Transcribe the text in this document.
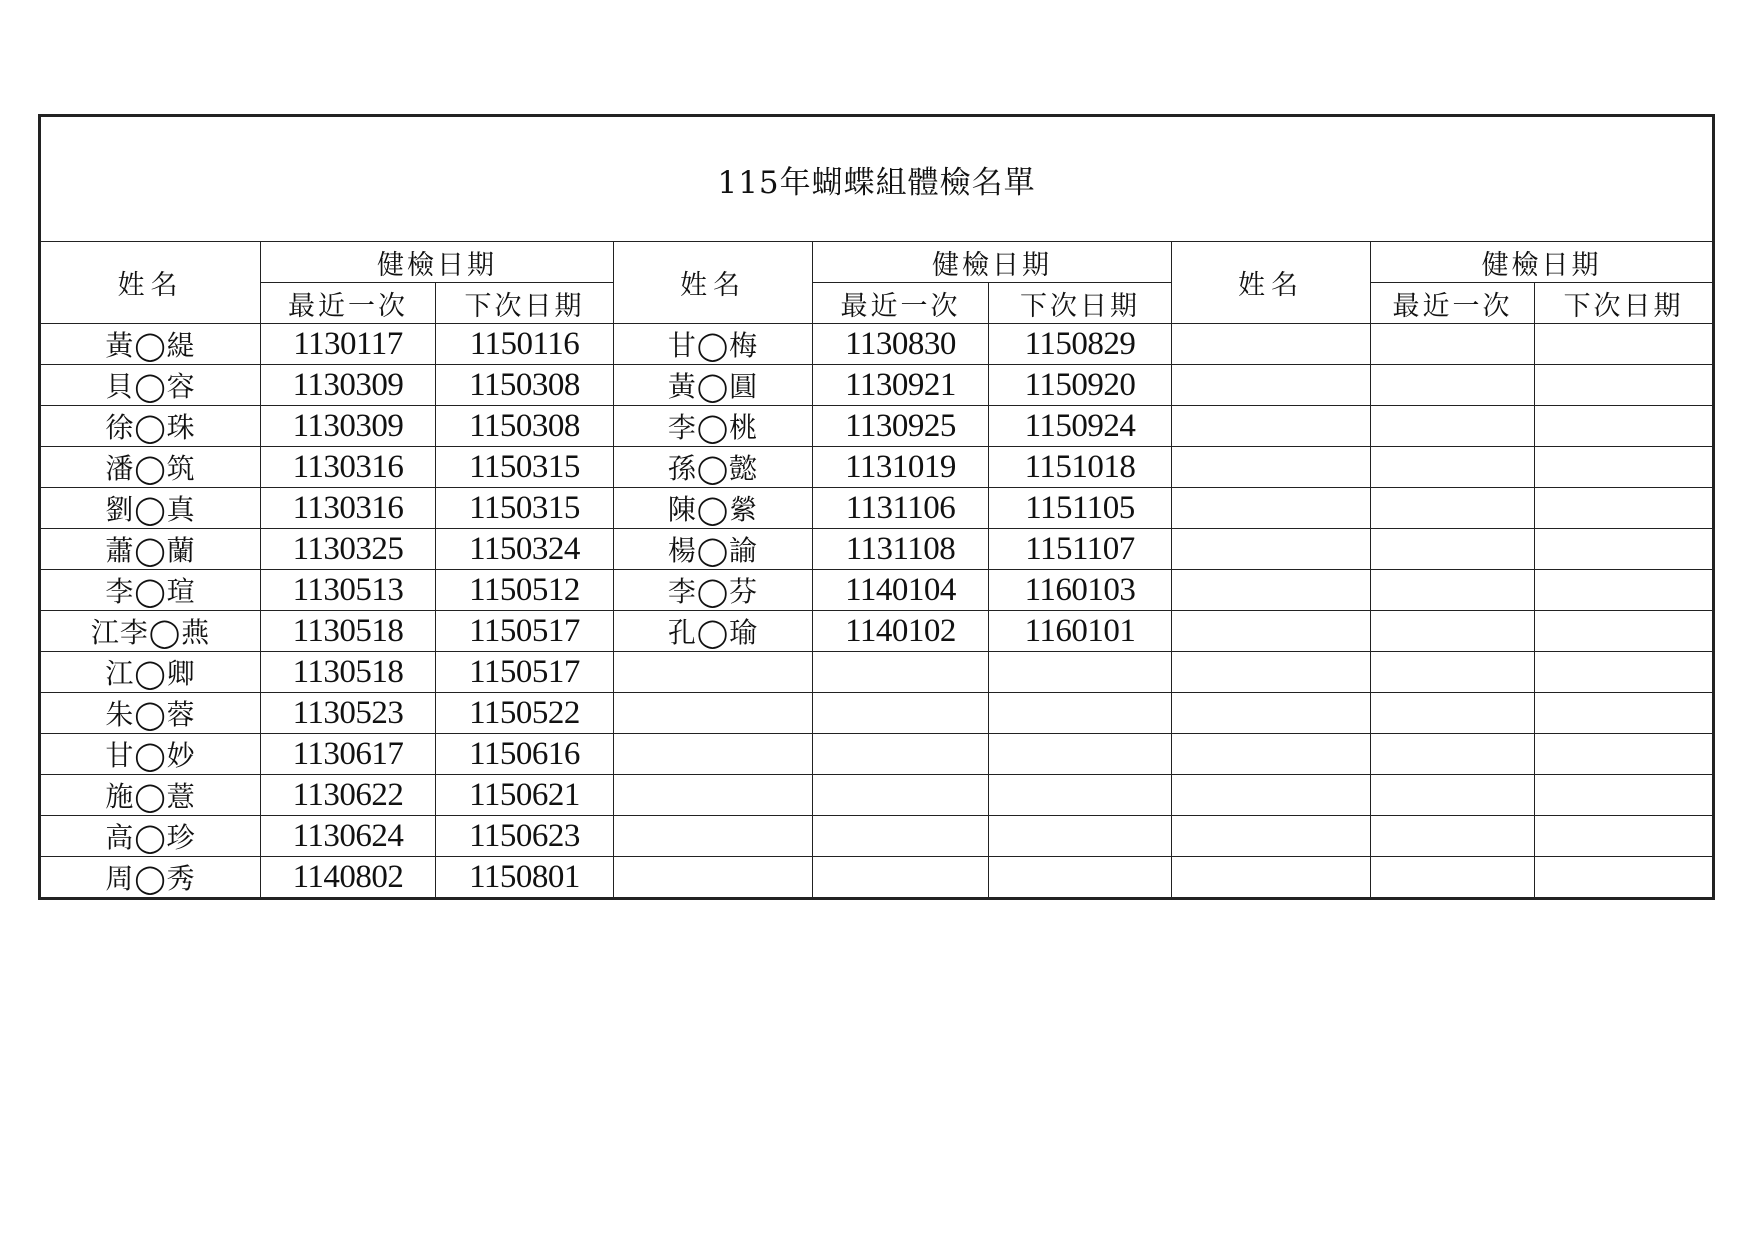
115年蝴蝶組體檢名單								
姓名	健檢日期		姓名	健檢日期		姓名	健檢日期	
	最近一次	下次日期		最近一次	下次日期		最近一次	下次日期
黃◯緹	1130117	1150116	甘◯梅	1130830	1150829			
貝◯容	1130309	1150308	黃◯圓	1130921	1150920			
徐◯珠	1130309	1150308	李◯桃	1130925	1150924			
潘◯筑	1130316	1150315	孫◯懿	1131019	1151018			
劉◯真	1130316	1150315	陳◯縈	1131106	1151105			
蕭◯蘭	1130325	1150324	楊◯諭	1131108	1151107			
李◯瑄	1130513	1150512	李◯芬	1140104	1160103			
江李◯燕	1130518	1150517	孔◯瑜	1140102	1160101			
江◯卿	1130518	1150517						
朱◯蓉	1130523	1150522						
甘◯妙	1130617	1150616						
施◯薏	1130622	1150621						
高◯珍	1130624	1150623						
周◯秀	1140802	1150801						
